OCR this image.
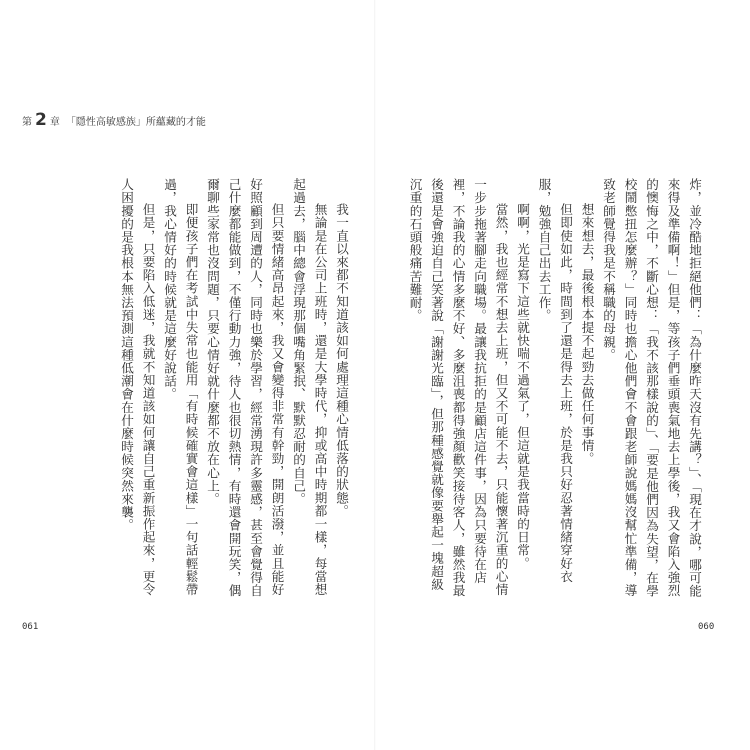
第 2 章 「隱性高敏感族」所蘊藏的才能

炸，並冷酷地拒絕他們：「為什麼昨天沒有先講？」、「現在才說，哪可能來得及準備啊！」但是，等孩子們垂頭喪氣地去上學後，我又會陷入強烈的懊悔之中，不斷心想：「我不該那樣說的」、「要是他們因為失望，在學校鬧憋扭怎麼辦？」同時也擔心他們會不會跟老師說媽媽沒幫忙準備，導致老師覺得我是不稱職的母親。

想來想去，最後根本提不起勁去做任何事情。

但即使如此，時間到了還是得去上班，於是我只好忍著情緒穿好衣服，勉強自己出去工作。

啊啊，光是寫下這些就快喘不過氣了，但這就是我當時的日常。

當然，我也經常不想去上班，但又不可能不去，只能懷著沉重的心情一步步拖著腳走向職場。最讓我抗拒的是顧店這件事，因為只要待在店裡，不論我的心情多麼不好、多麼沮喪都得強顏歡笑接待客人，雖然我最後還是會強迫自己笑著說「謝謝光臨」，但那種感覺就像要舉起一塊超級沉重的石頭般痛苦難耐。

我一直以來都不知道該如何處理這種心情低落的狀態。

無論是在公司上班時，還是大學時代，抑或高中時期都一樣，每當想起過去，腦中總會浮現那個嘴角緊抿、默默忍耐的自己。

但只要情緒高昂起來，我又會變得非常有幹勁，開朗活潑，並且能好好照顧到周遭的人，同時也樂於學習，經常湧現許多靈感，甚至會覺得自己什麼都能做到，不僅行動力強，待人也很切熱情，有時還會開玩笑，偶爾聊些家常也沒問題，只要心情好就什麼都不放在心上。

即便孩子們在考試中失常也能用「有時候確實會這樣」一句話輕鬆帶過，我心情好的時候就是這麼好說話。

但是，只要陷入低迷，我就不知道該如何讓自己重新振作起來，更令人困擾的是我根本無法預測這種低潮會在什麼時候突然來襲。

061	060
